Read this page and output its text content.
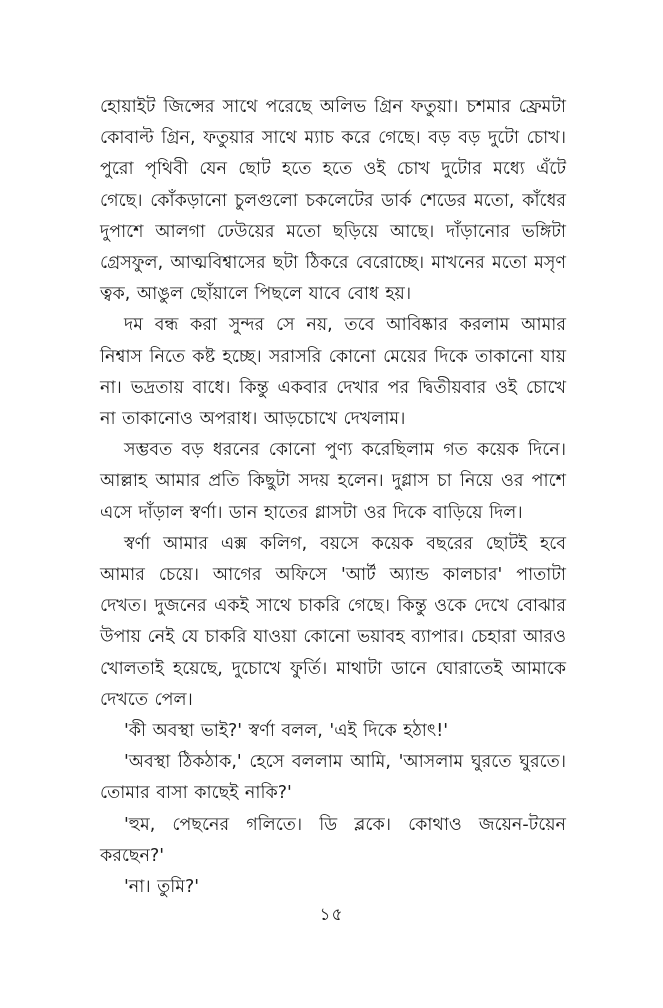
হোয়াইট জিন্সের সাথে পরেছে অলিভ গ্রিন ফতুয়া। চশমার ফ্রেমটা কোবাল্ট গ্রিন, ফতুয়ার সাথে ম্যাচ করে গেছে। বড় বড় দুটো চোখ। পুরো পৃথিবী যেন ছোট হতে হতে ওই চোখ দুটোর মধ্যে এঁটে গেছে। কোঁকড়ানো চুলগুলো চকলেটের ডার্ক শেডের মতো, কাঁধের দুপাশে আলগা ঢেউয়ের মতো ছড়িয়ে আছে। দাঁড়ানোর ভঙ্গিটা গ্রেসফুল, আত্মবিশ্বাসের ছটা ঠিকরে বেরোচ্ছে। মাখনের মতো মসৃণ ত্বক, আঙুল ছোঁয়ালে পিছলে যাবে বোধ হয়।

দম বন্ধ করা সুন্দর সে নয়, তবে আবিষ্কার করলাম আমার নিশ্বাস নিতে কষ্ট হচ্ছে। সরাসরি কোনো মেয়ের দিকে তাকানো যায় না। ভদ্রতায় বাধে। কিন্তু একবার দেখার পর দ্বিতীয়বার ওই চোখে না তাকানোও অপরাধ। আড়চোখে দেখলাম।

সম্ভবত বড় ধরনের কোনো পুণ্য করেছিলাম গত কয়েক দিনে। আল্লাহ আমার প্রতি কিছুটা সদয় হলেন। দুগ্লাস চা নিয়ে ওর পাশে এসে দাঁড়াল স্বর্ণা। ডান হাতের গ্লাসটা ওর দিকে বাড়িয়ে দিল।

স্বর্ণা আমার এক্স কলিগ, বয়সে কয়েক বছরের ছোটই হবে আমার চেয়ে। আগের অফিসে 'আর্ট অ্যান্ড কালচার' পাতাটা দেখত। দুজনের একই সাথে চাকরি গেছে। কিন্তু ওকে দেখে বোঝার উপায় নেই যে চাকরি যাওয়া কোনো ভয়াবহ ব্যাপার। চেহারা আরও খোলতাই হয়েছে, দুচোখে ফুর্তি। মাথাটা ডানে ঘোরাতেই আমাকে দেখতে পেল।

'কী অবস্থা ভাই?' স্বর্ণা বলল, 'এই দিকে হঠাৎ!'

'অবস্থা ঠিকঠাক,' হেসে বললাম আমি, 'আসলাম ঘুরতে ঘুরতে। তোমার বাসা কাছেই নাকি?'

'হুম, পেছনের গলিতে। ডি ব্লকে। কোথাও জয়েন-টয়েন করছেন?'

'না। তুমি?'

১৫
